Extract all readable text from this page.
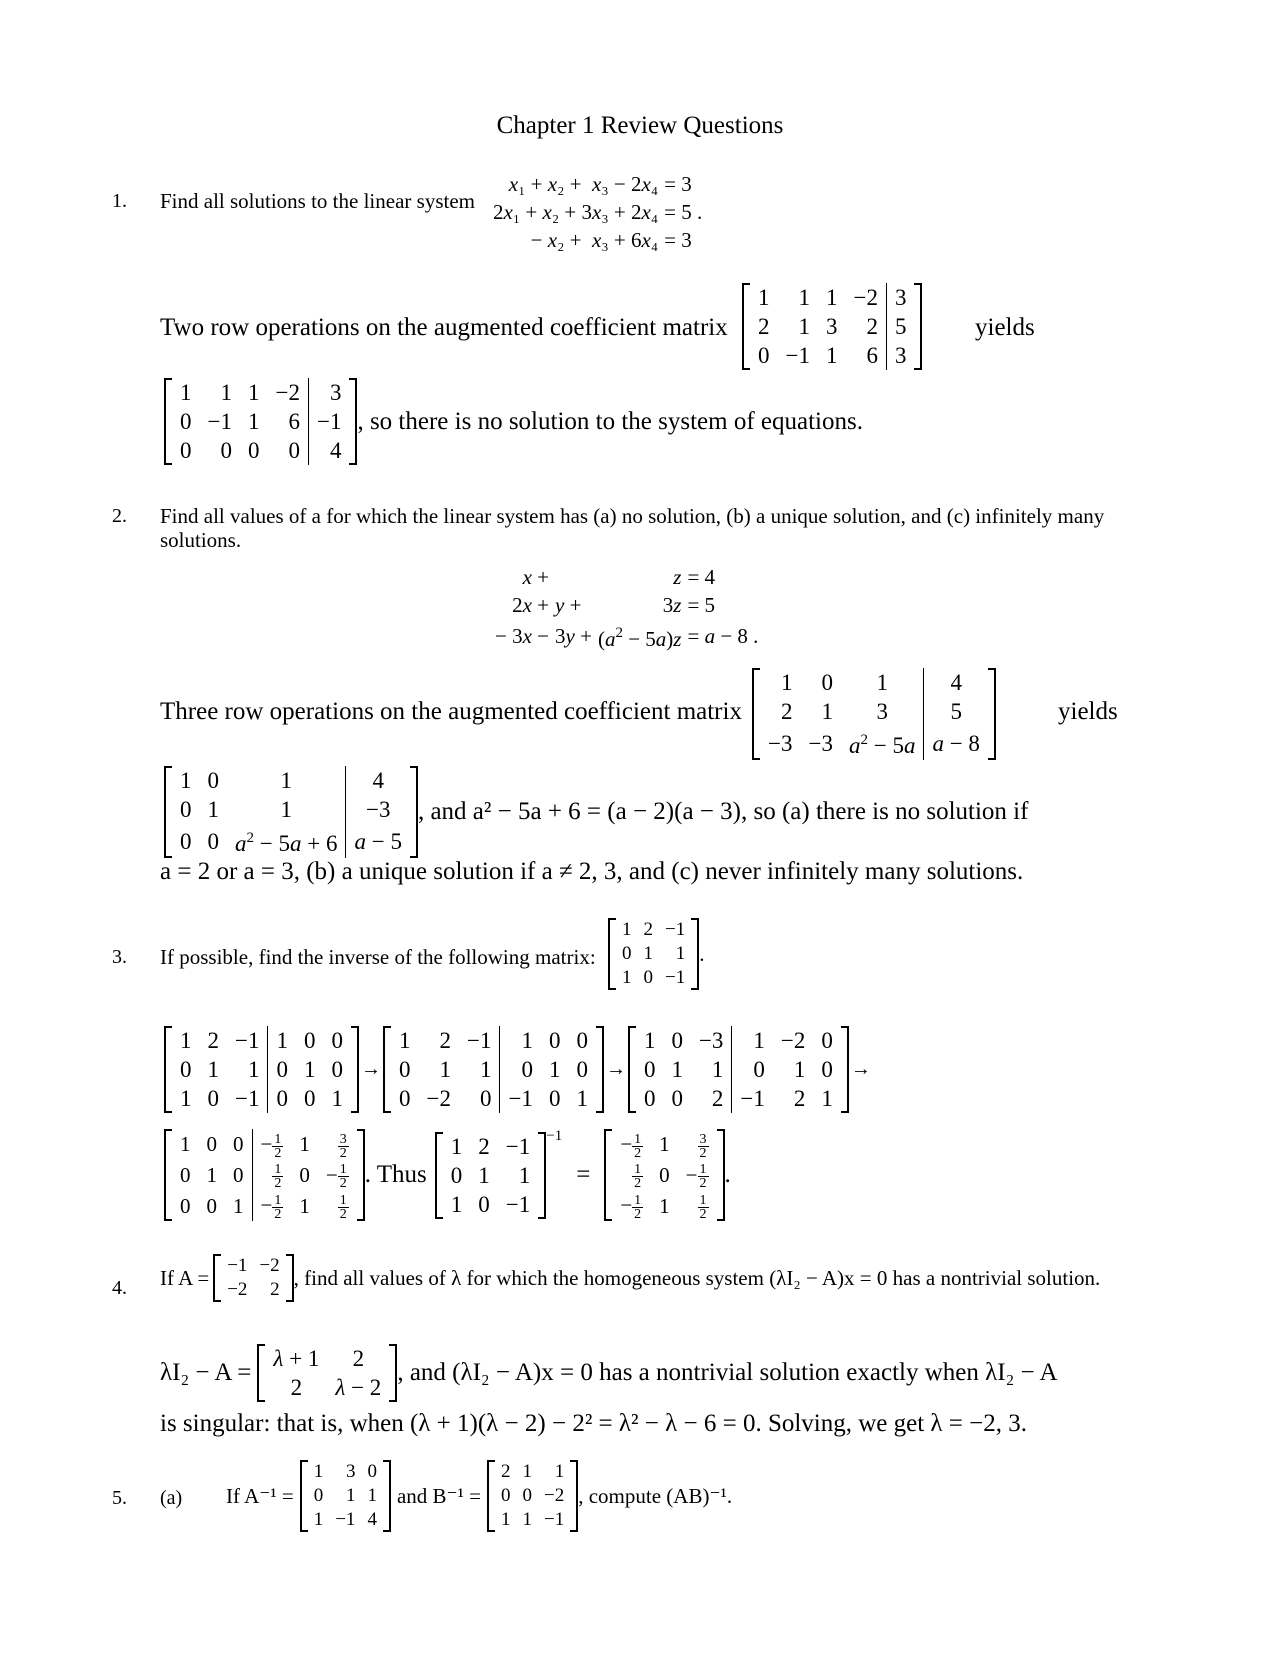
Chapter 1 Review Questions
1. Find all solutions to the linear system
x₁ + x₂ +  x₃ − 2x₄	= 3
2x₁ + x₂ + 3x₃ + 2x₄	= 5 .
− x₂ +  x₃ + 6x₄	= 3
Two row operations on the augmented coefficient matrix
1	1	1	−2	3
2	1	3	2	5
0	−1	1	6	3
yields
1	1	1	−2	3
0	−1	1	6	−1
0	0	0	0	4
, so there is no solution to the system of equations.
2. Find all values of a for which the linear system has (a) no solution, (b) a unique solution, and (c) infinitely many
solutions.
x +		z	= 4
2x +	y +	3z	= 5
− 3x −	3y +	$(a^2 - 5a)z$	= a − 8 .
Three row operations on the augmented coefficient matrix
1	0	1	4
2	1	3	5
−3	−3	$a^2 - 5a$	a − 8
yields
1	0	1	4
0	1	1	−3
0	0	$a^2 - 5a + 6$	a − 5
, and a² − 5a + 6 = (a − 2)(a − 3), so (a) there is no solution if
a = 2 or a = 3, (b) a unique solution if a ≠ 2, 3, and (c) never infinitely many solutions.
3. If possible, find the inverse of the following matrix:
1	2	−1
0	1	1
1	0	−1
.
1	2	−1	1	0	0
0	1	1	0	1	0
1	0	−1	0	0	1
→
1	2	−1	1	0	0
0	1	1	0	1	0
0	−2	0	−1	0	1
→
1	0	−3	1	−2	0
0	1	1	0	1	0
0	0	2	−1	2	1
→
1	0	0	− $\frac{1}{2}$	1	$\frac{3}{2}$

0	1	0	$\frac{1}{2}$	0	− $\frac{1}{2}$

0	0	1	− $\frac{1}{2}$	1	$\frac{1}{2}$
. Thus
1	2	−1
0	1	1
1	0	−1
−1
=
− $\frac{1}{2}$	1	$\frac{3}{2}$

$\frac{1}{2}$	0	− $\frac{1}{2}$

− $\frac{1}{2}$	1	$\frac{1}{2}$
.
4. If A = −1	−2
−2	2 , find all values of λ for which the homogeneous system (λI₂ − A)x = 0 has a nontrivial solution.
λI₂ − A =
λ + 1	2
2	λ − 2
, and (λI₂ − A)x = 0 has a nontrivial solution exactly when λI₂ − A
is singular: that is, when (λ + 1)(λ − 2) − 2² = λ² − λ − 6 = 0. Solving, we get λ = −2, 3.
5. (a) If A⁻¹ =
1	3	0
0	1	1
1	−1	4
and B⁻¹ =
2	1	1
0	0	−2
1	1	−1
, compute (AB)⁻¹.
